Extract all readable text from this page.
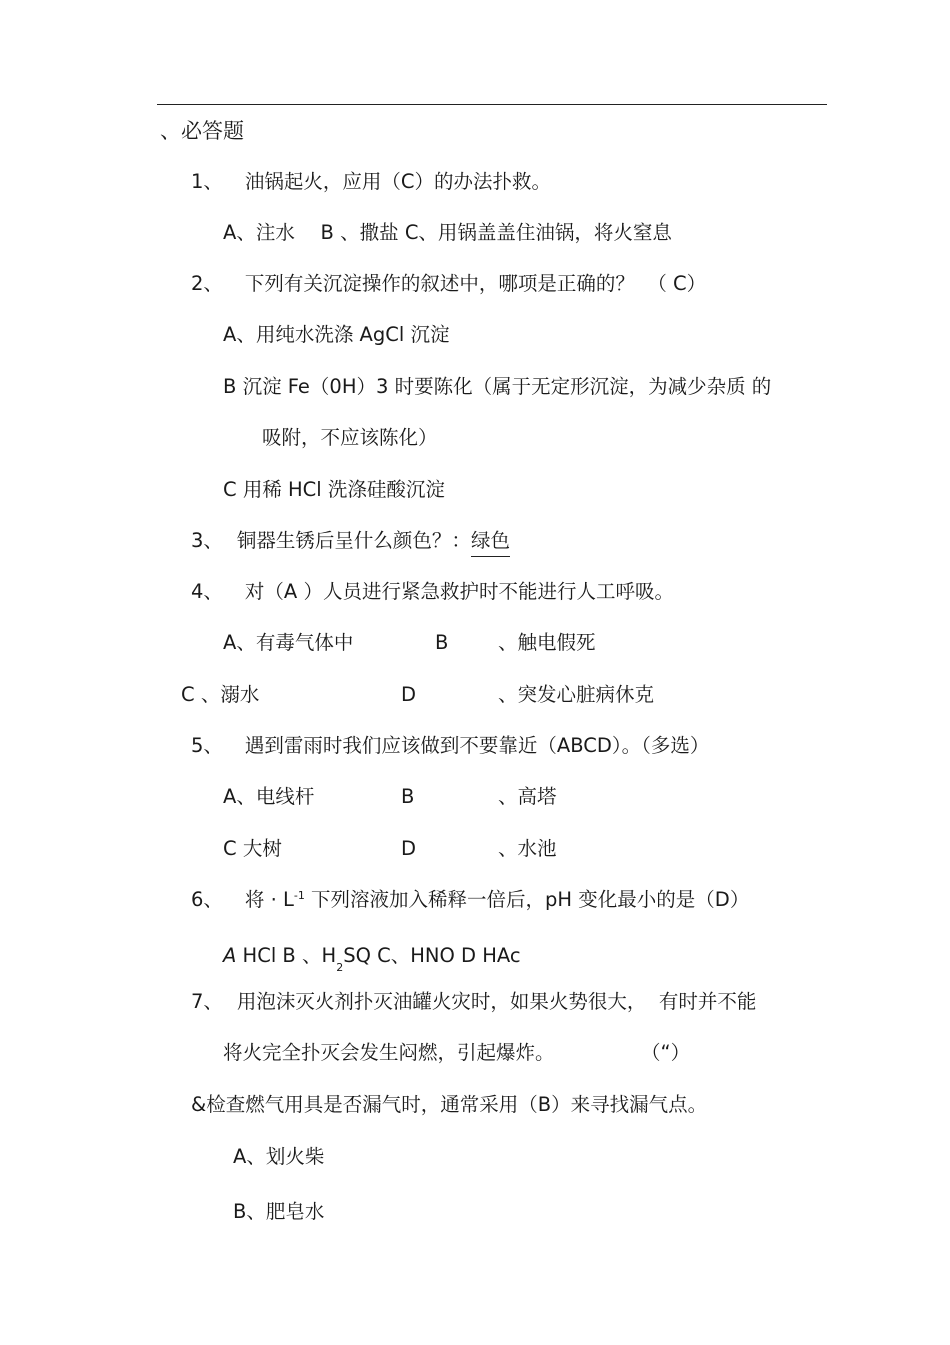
、必答题
1、 油锅起火，应用（C）的办法扑救。
A、注水　 B 、撒盐 C、用锅盖盖住油锅，将火窒息
2、 下列有关沉淀操作的叙述中，哪项是正确的？  （ C）
A、用纯水洗涤 AgCl 沉淀
B 沉淀 Fe（0H）3 时要陈化（属于无定形沉淀，为减少杂质 的
吸附，不应该陈化）
C 用稀 HCl 洗涤硅酸沉淀
3、 铜器生锈后呈什么颜色？：绿色
4、 对（A ）人员进行紧急救护时不能进行人工呼吸。
A、有毒气体中	B	、触电假死
C 、溺水	D	、突发心脏病休克
5、 遇到雷雨时我们应该做到不要靠近（ABCD）。（多选）
A、电线杆	B	、高塔
C 大树	D	、水池
6、 将 · $L^{-1}$ 下列溶液加入稀释一倍后，pH 变化最小的是（D）
A HCl B 、$H_2SQ$ C、HNO D HAc
7、 用泡沫灭火剂扑灭油罐火灾时，如果火势很大，  有时并不能
将火完全扑灭会发生闷燃，引起爆炸。	（“）
&检查燃气用具是否漏气时，通常采用（B）来寻找漏气点。
A、划火柴
B、肥皂水
